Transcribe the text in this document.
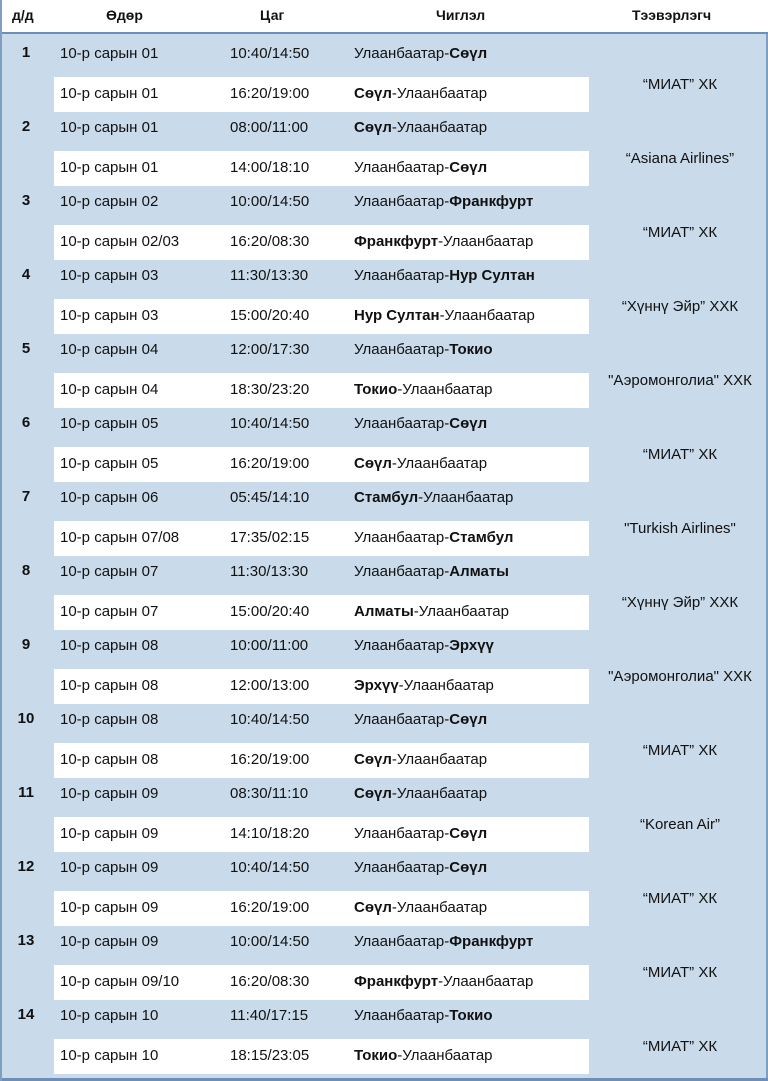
д/д	Өдөр	Цаг	Чиглэл	Тээвэрлэгч
1	10-р сарын 01	10:40/14:50	Улаанбаатар-Сөүл
10-р сарын 01	16:20/19:00	Сөүл-Улаанбаатар
“МИАТ” ХК
2	10-р сарын 01	08:00/11:00	Сөүл-Улаанбаатар
10-р сарын 01	14:00/18:10	Улаанбаатар-Сөүл
“Asiana Airlines”
3	10-р сарын 02	10:00/14:50	Улаанбаатар-Франкфурт
10-р сарын 02/03	16:20/08:30	Франкфурт-Улаанбаатар
“МИАТ” ХК
4	10-р сарын 03	11:30/13:30	Улаанбаатар-Нур Султан
10-р сарын 03	15:00/20:40	Нур Султан-Улаанбаатар
“Хүннү Эйр” ХХК
5	10-р сарын 04	12:00/17:30	Улаанбаатар-Токио
10-р сарын 04	18:30/23:20	Токио-Улаанбаатар
"Аэромонголиа" ХХК
6	10-р сарын 05	10:40/14:50	Улаанбаатар-Сөүл
10-р сарын 05	16:20/19:00	Сөүл-Улаанбаатар
“МИАТ” ХК
7	10-р сарын 06	05:45/14:10	Стамбул-Улаанбаатар
10-р сарын 07/08	17:35/02:15	Улаанбаатар-Стамбул
"Turkish Airlines"
8	10-р сарын 07	11:30/13:30	Улаанбаатар-Алматы
10-р сарын 07	15:00/20:40	Алматы-Улаанбаатар
“Хүннү Эйр” ХХК
9	10-р сарын 08	10:00/11:00	Улаанбаатар-Эрхүү
10-р сарын 08	12:00/13:00	Эрхүү-Улаанбаатар
"Аэромонголиа" ХХК
10	10-р сарын 08	10:40/14:50	Улаанбаатар-Сөүл
10-р сарын 08	16:20/19:00	Сөүл-Улаанбаатар
“МИАТ” ХК
11	10-р сарын 09	08:30/11:10	Сөүл-Улаанбаатар
10-р сарын 09	14:10/18:20	Улаанбаатар-Сөүл
“Korean Air”
12	10-р сарын 09	10:40/14:50	Улаанбаатар-Сөүл
10-р сарын 09	16:20/19:00	Сөүл-Улаанбаатар
“МИАТ” ХК
13	10-р сарын 09	10:00/14:50	Улаанбаатар-Франкфурт
10-р сарын 09/10	16:20/08:30	Франкфурт-Улаанбаатар
“МИАТ” ХК
14	10-р сарын 10	11:40/17:15	Улаанбаатар-Токио
10-р сарын 10	18:15/23:05	Токио-Улаанбаатар
“МИАТ” ХК
